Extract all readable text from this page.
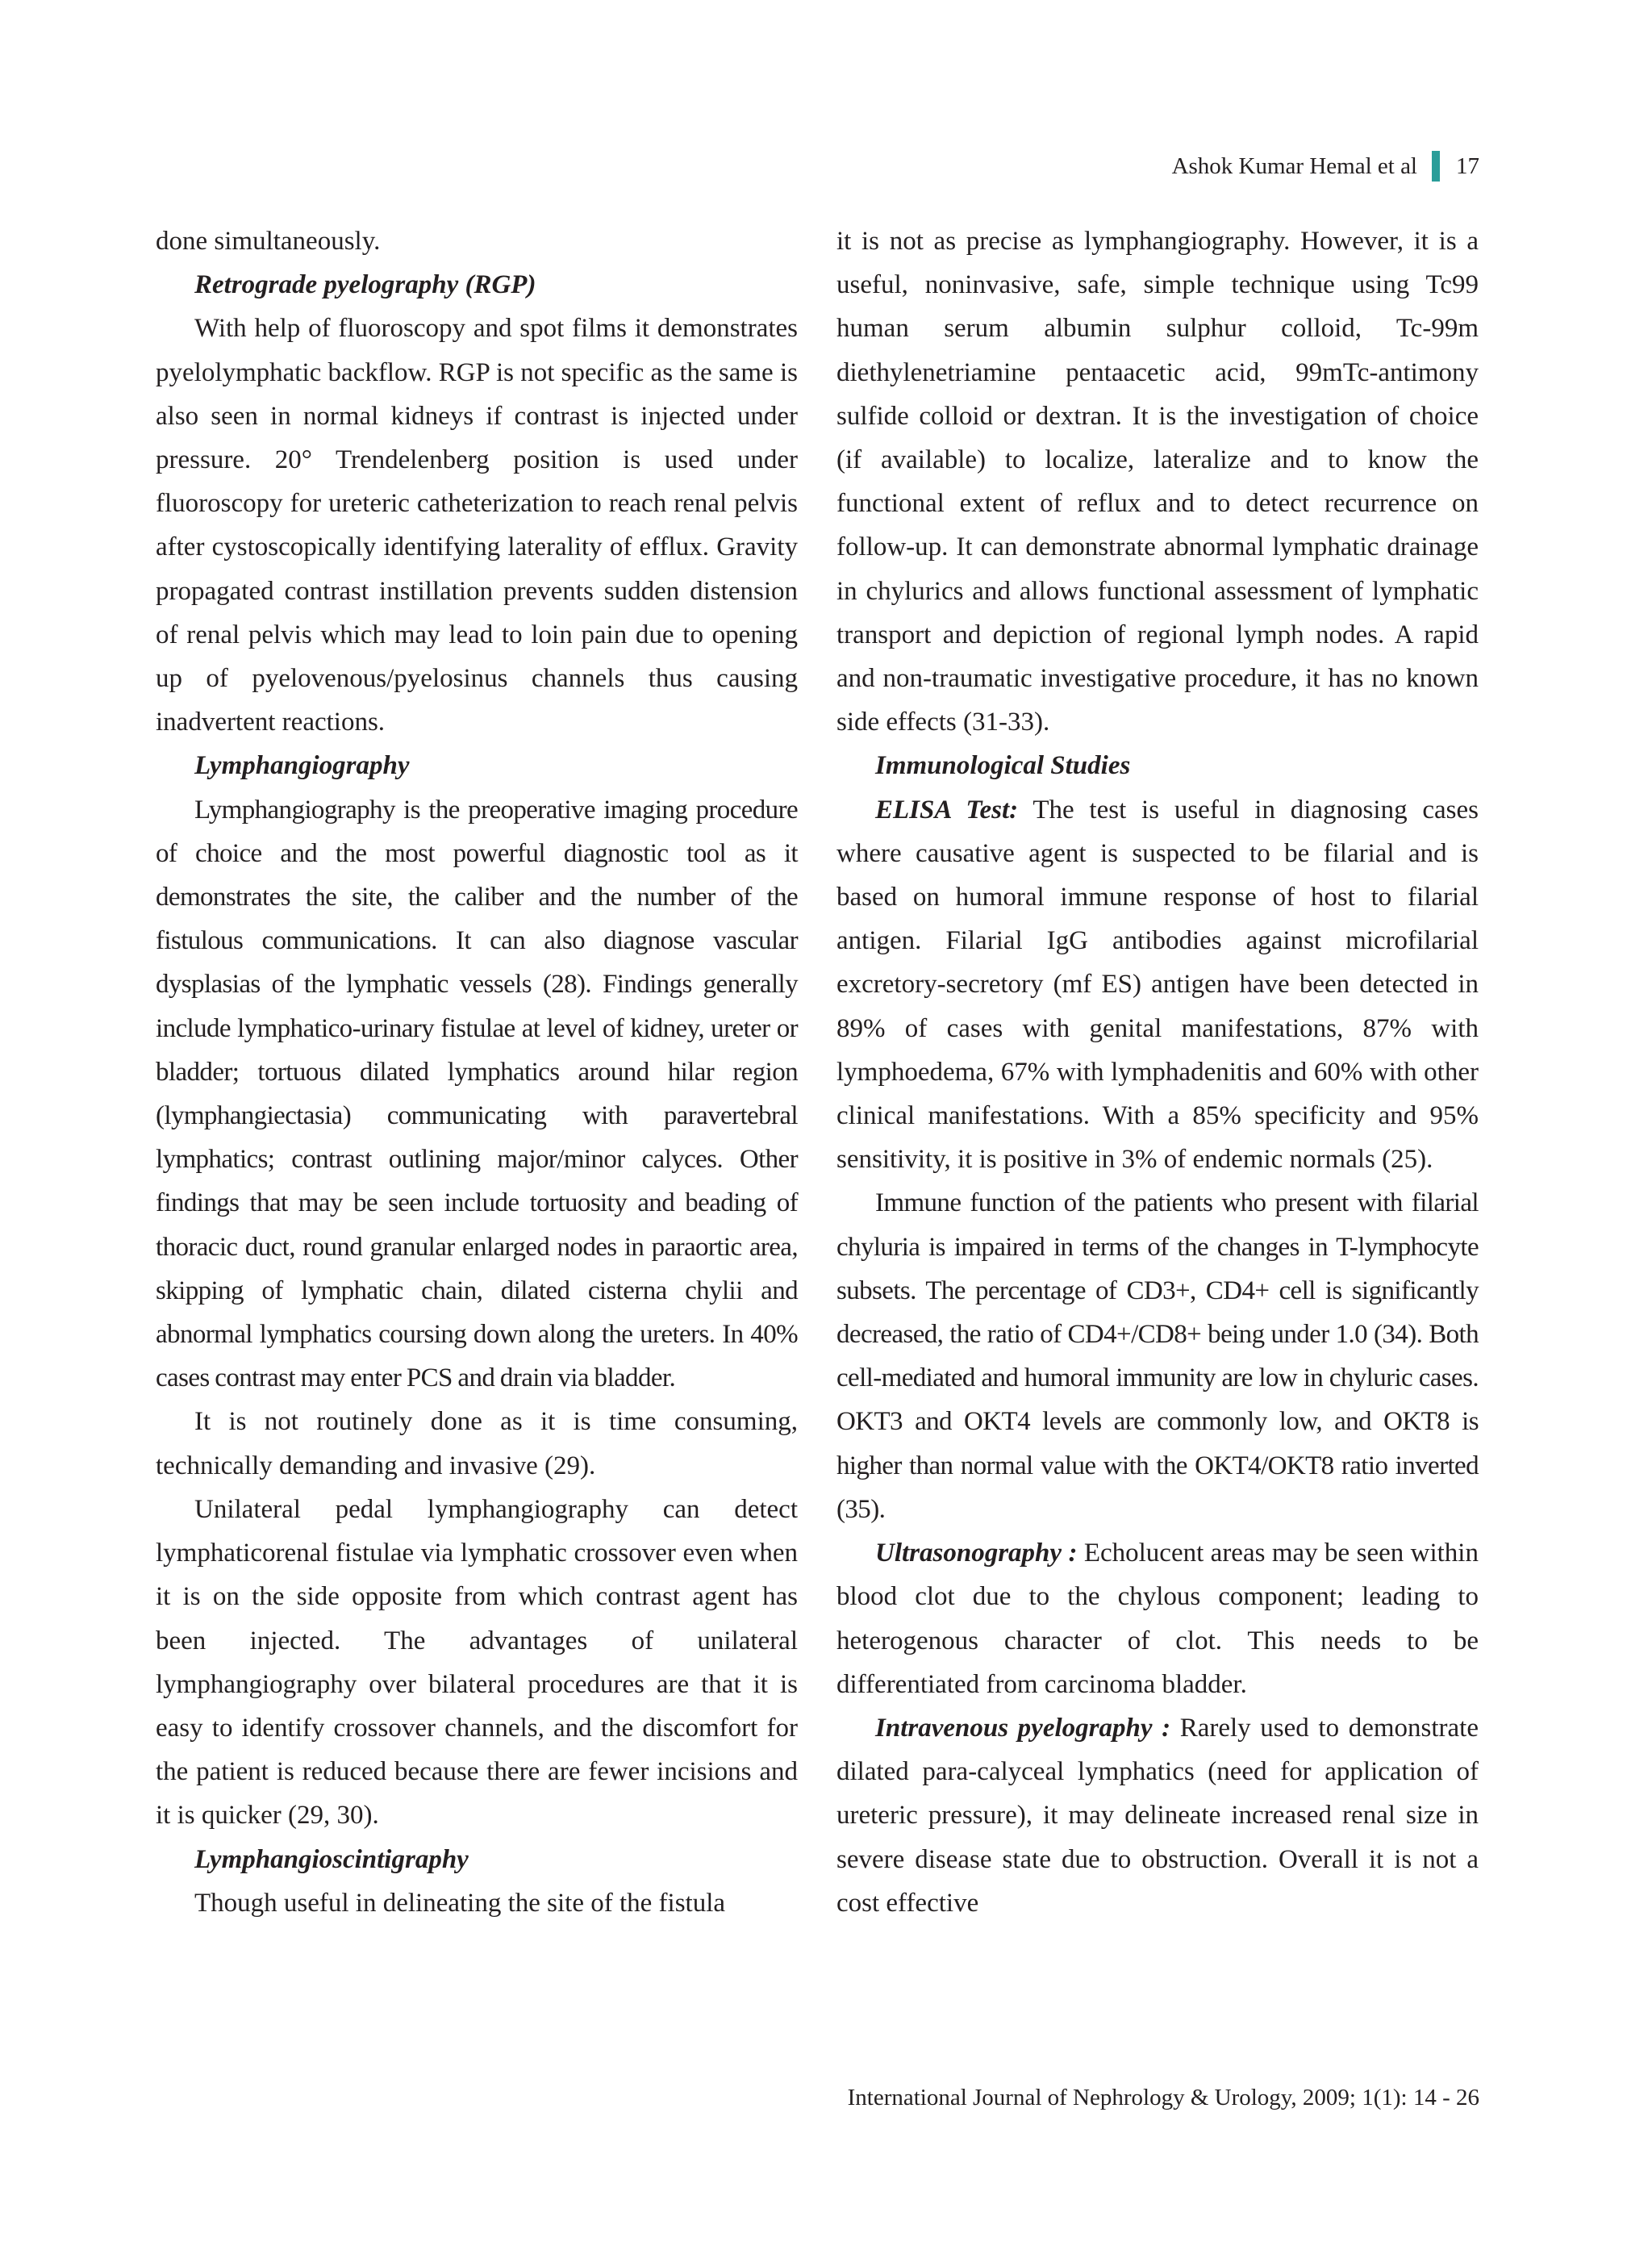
Ashok Kumar Hemal et al 17

done simultaneously.

Retrograde pyelography (RGP)

With help of fluoroscopy and spot films it demonstrates pyelolymphatic backflow. RGP is not specific as the same is also seen in normal kidneys if contrast is injected under pressure. 20° Trendelenberg position is used under fluoroscopy for ureteric catheterization to reach renal pelvis after cystoscopically identifying laterality of efflux. Gravity propagated contrast instillation prevents sudden distension of renal pelvis which may lead to loin pain due to opening up of pyelovenous/pyelosinus channels thus causing inadvertent reactions.

Lymphangiography

Lymphangiography is the preoperative imaging procedure of choice and the most powerful diagnostic tool as it demonstrates the site, the caliber and the number of the fistulous communications. It can also diagnose vascular dysplasias of the lymphatic vessels (28). Findings generally include lymphatico-urinary fistulae at level of kidney, ureter or bladder; tortuous dilated lymphatics around hilar region (lymphangiectasia) communicating with paravertebral lymphatics; contrast outlining major/minor calyces. Other findings that may be seen include tortuosity and beading of thoracic duct, round granular enlarged nodes in paraortic area, skipping of lymphatic chain, dilated cisterna chylii and abnormal lymphatics coursing down along the ureters. In 40% cases contrast may enter PCS and drain via bladder.

It is not routinely done as it is time consuming, technically demanding and invasive (29).

Unilateral pedal lymphangiography can detect lymphaticorenal fistulae via lymphatic crossover even when it is on the side opposite from which contrast agent has been injected. The advantages of unilateral lymphangiography over bilateral procedures are that it is easy to identify crossover channels, and the discomfort for the patient is reduced because there are fewer incisions and it is quicker (29, 30).

Lymphangioscintigraphy

Though useful in delineating the site of the fistula

it is not as precise as lymphangiography. However, it is a useful, noninvasive, safe, simple technique using Tc99 human serum albumin sulphur colloid, Tc-99m diethylenetriamine pentaacetic acid, 99mTc-antimony sulfide colloid or dextran. It is the investigation of choice (if available) to localize, lateralize and to know the functional extent of reflux and to detect recurrence on follow-up. It can demonstrate abnormal lymphatic drainage in chylurics and allows functional assessment of lymphatic transport and depiction of regional lymph nodes. A rapid and non-traumatic investigative procedure, it has no known side effects (31-33).

Immunological Studies

ELISA Test: The test is useful in diagnosing cases where causative agent is suspected to be filarial and is based on humoral immune response of host to filarial antigen. Filarial IgG antibodies against microfilarial excretory-secretory (mf ES) antigen have been detected in 89% of cases with genital manifestations, 87% with lymphoedema, 67% with lymphadenitis and 60% with other clinical manifestations. With a 85% specificity and 95% sensitivity, it is positive in 3% of endemic normals (25).

Immune function of the patients who present with filarial chyluria is impaired in terms of the changes in T-lymphocyte subsets. The percentage of CD3+, CD4+ cell is significantly decreased, the ratio of CD4+/CD8+ being under 1.0 (34). Both cell-mediated and humoral immunity are low in chyluric cases. OKT3 and OKT4 levels are commonly low, and OKT8 is higher than normal value with the OKT4/OKT8 ratio inverted (35).

Ultrasonography : Echolucent areas may be seen within blood clot due to the chylous component; leading to heterogenous character of clot. This needs to be differentiated from carcinoma bladder.

Intravenous pyelography : Rarely used to demonstrate dilated para-calyceal lymphatics (need for application of ureteric pressure), it may delineate increased renal size in severe disease state due to obstruction. Overall it is not a cost effective

International Journal of Nephrology & Urology, 2009; 1(1): 14 - 26
